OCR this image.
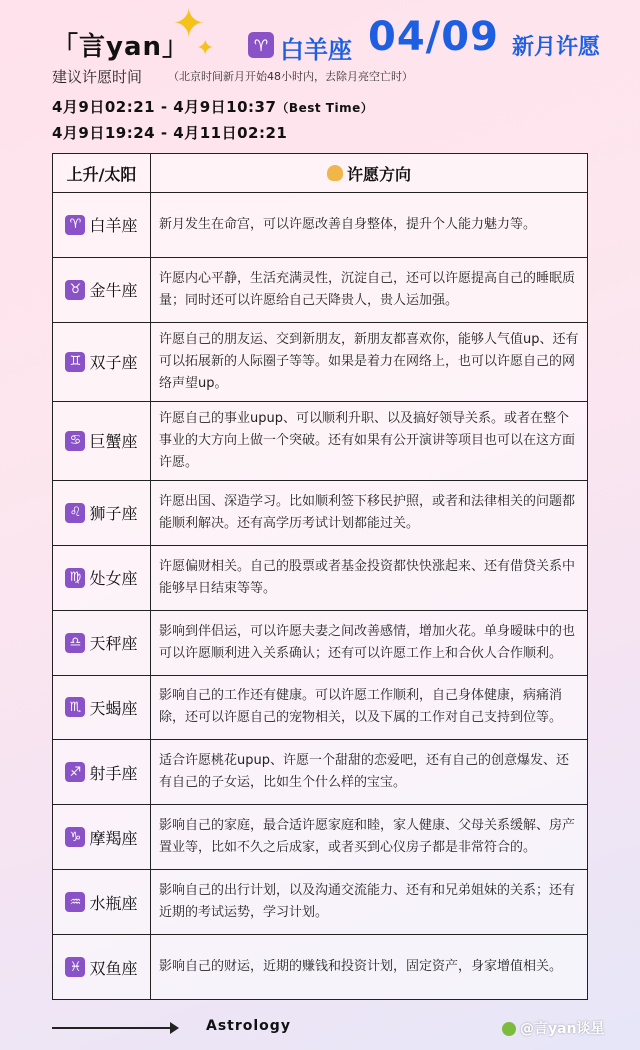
「言yan」
✦
✦	♈ 白羊座 04/09 新月许愿
建议许愿时间 （北京时间新月开始48小时内，去除月亮空亡时）
4月9日02:21 - 4月9日10:37（Best Time）
4月9日19:24 - 4月11日02:21
上升/太阳	许愿方向
♈ 白羊座 新月发生在命宫，可以许愿改善自身整体，提升个人能力魅力等。
♉ 金牛座
许愿内心平静，生活充满灵性，沉淀自己，还可以许愿提高自己的睡眠质量；同时还可以许愿给自己天降贵人，贵人运加强。
♊ 双子座
许愿自己的朋友运、交到新朋友，新朋友都喜欢你，能够人气值up、还有可以拓展新的人际圈子等等。如果是着力在网络上，也可以许愿自己的网络声望up。
♋ 巨蟹座
许愿自己的事业upup、可以顺利升职、以及搞好领导关系。或者在整个事业的大方向上做一个突破。还有如果有公开演讲等项目也可以在这方面许愿。
♌ 狮子座
许愿出国、深造学习。比如顺利签下移民护照，或者和法律相关的问题都能顺利解决。还有高学历考试计划都能过关。
♍ 处女座
许愿偏财相关。自己的股票或者基金投资都快快涨起来、还有借贷关系中能够早日结束等等。
♎ 天秤座
影响到伴侣运，可以许愿夫妻之间改善感情，增加火花。单身暧昧中的也可以许愿顺利进入关系确认；还有可以许愿工作上和合伙人合作顺利。
♏ 天蝎座
影响自己的工作还有健康。可以许愿工作顺利，自己身体健康，病痛消除，还可以许愿自己的宠物相关，以及下属的工作对自己支持到位等。
♐ 射手座
适合许愿桃花upup、许愿一个甜甜的恋爱吧，还有自己的创意爆发、还有自己的子女运，比如生个什么样的宝宝。
♑ 摩羯座
影响自己的家庭，最合适许愿家庭和睦，家人健康、父母关系缓解、房产置业等，比如不久之后成家，或者买到心仪房子都是非常符合的。
♒ 水瓶座
影响自己的出行计划，以及沟通交流能力、还有和兄弟姐妹的关系；还有近期的考试运势，学习计划。
♓ 双鱼座 影响自己的财运，近期的赚钱和投资计划，固定资产，身家增值相关。
Astrology	@言yan谈星
